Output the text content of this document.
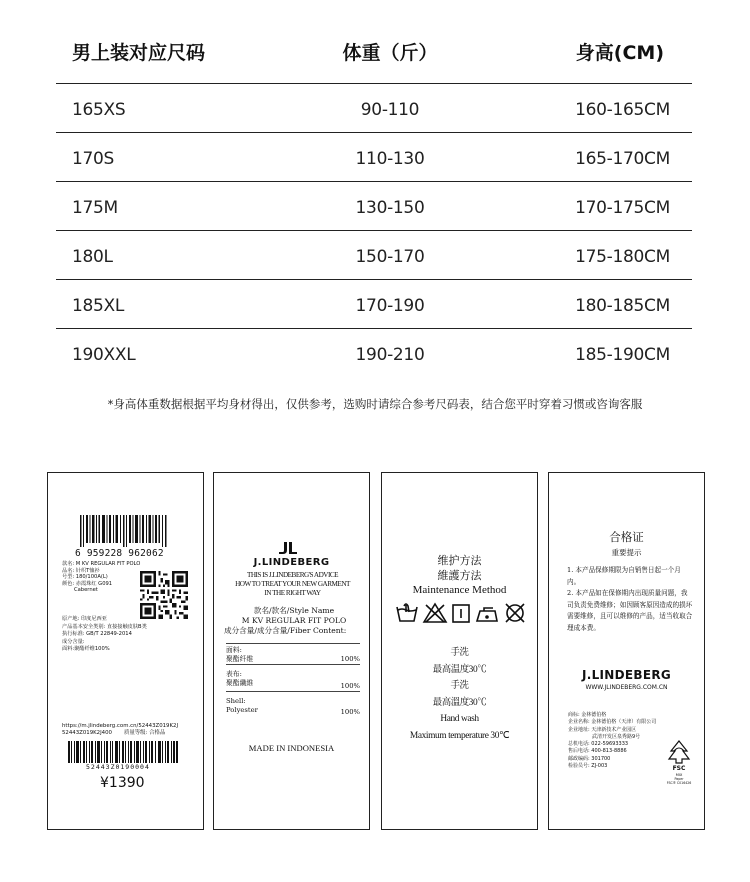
男上装对应尺码	体重（斤）	身高(CM)
165XS	90-110	160-165CM
170S	110-130	165-170CM
175M	130-150	170-175CM
180L	150-170	175-180CM
185XL	170-190	180-185CM
190XXL	190-210	185-190CM
*身高体重数据根据平均身材得出，仅供参考，选购时请综合参考尺码表，结合您平时穿着习惯或咨询客服
6 959228 962062
款名: M KV REGULAR FIT POLO
品名: 针织T恤衫
号型: 180/100A(L)
颜色: 赤霞珠红 G091
Cabernet
原产地: 印度尼西亚
产品基本安全类别: 直接接触皮肤B类
执行标准: GB/T 22849-2014
成分含量:
面料:聚酯纤维100%
https://m.jlindeberg.com.cn/52443Z019K2J
52443Z019K2J400 质量等级: 合格品
52443Z0190004
¥1390
J.LINDEBERG
THIS IS J.LINDEBERG'S ADVICE
HOW TO TREAT YOUR NEW GARMENT
IN THE RIGHT WAY
款名/款名/Style Name
M KV REGULAR FIT POLO
成分含量/成分含量/Fiber Content:
面料:
聚酯纤维	100%
表布:
聚酯纖維	100%
Shell:
Polyester	100%
MADE IN INDONESIA
维护方法
維護方法
Maintenance Method
手洗
最高温度30℃
手洗
最高溫度30℃
Hand wash
Maximum temperature 30℃
合格证
重要提示
1. 本产品保修期限为自销售日起一个月内。
2. 本产品如在保修期内出现质量问题，我司负责免费维修；如因顾客原因造成的损坏需要维修，且可以维修的产品，适当收取合理成本费。
J.LINDEBERG
WWW.JLINDEBERG.COM.CN
商标: 金林德伯格
企业名称: 金林德伯格（天津）有限公司
企业地址: 天津新技术产业园区
武清开发区泉秀路9号
总机电话: 022-59693333
售后电话: 400-813-8886
邮政编码: 301700
检验员号: ZJ-003	FSC
MIX
Paper
FSC® C016426
